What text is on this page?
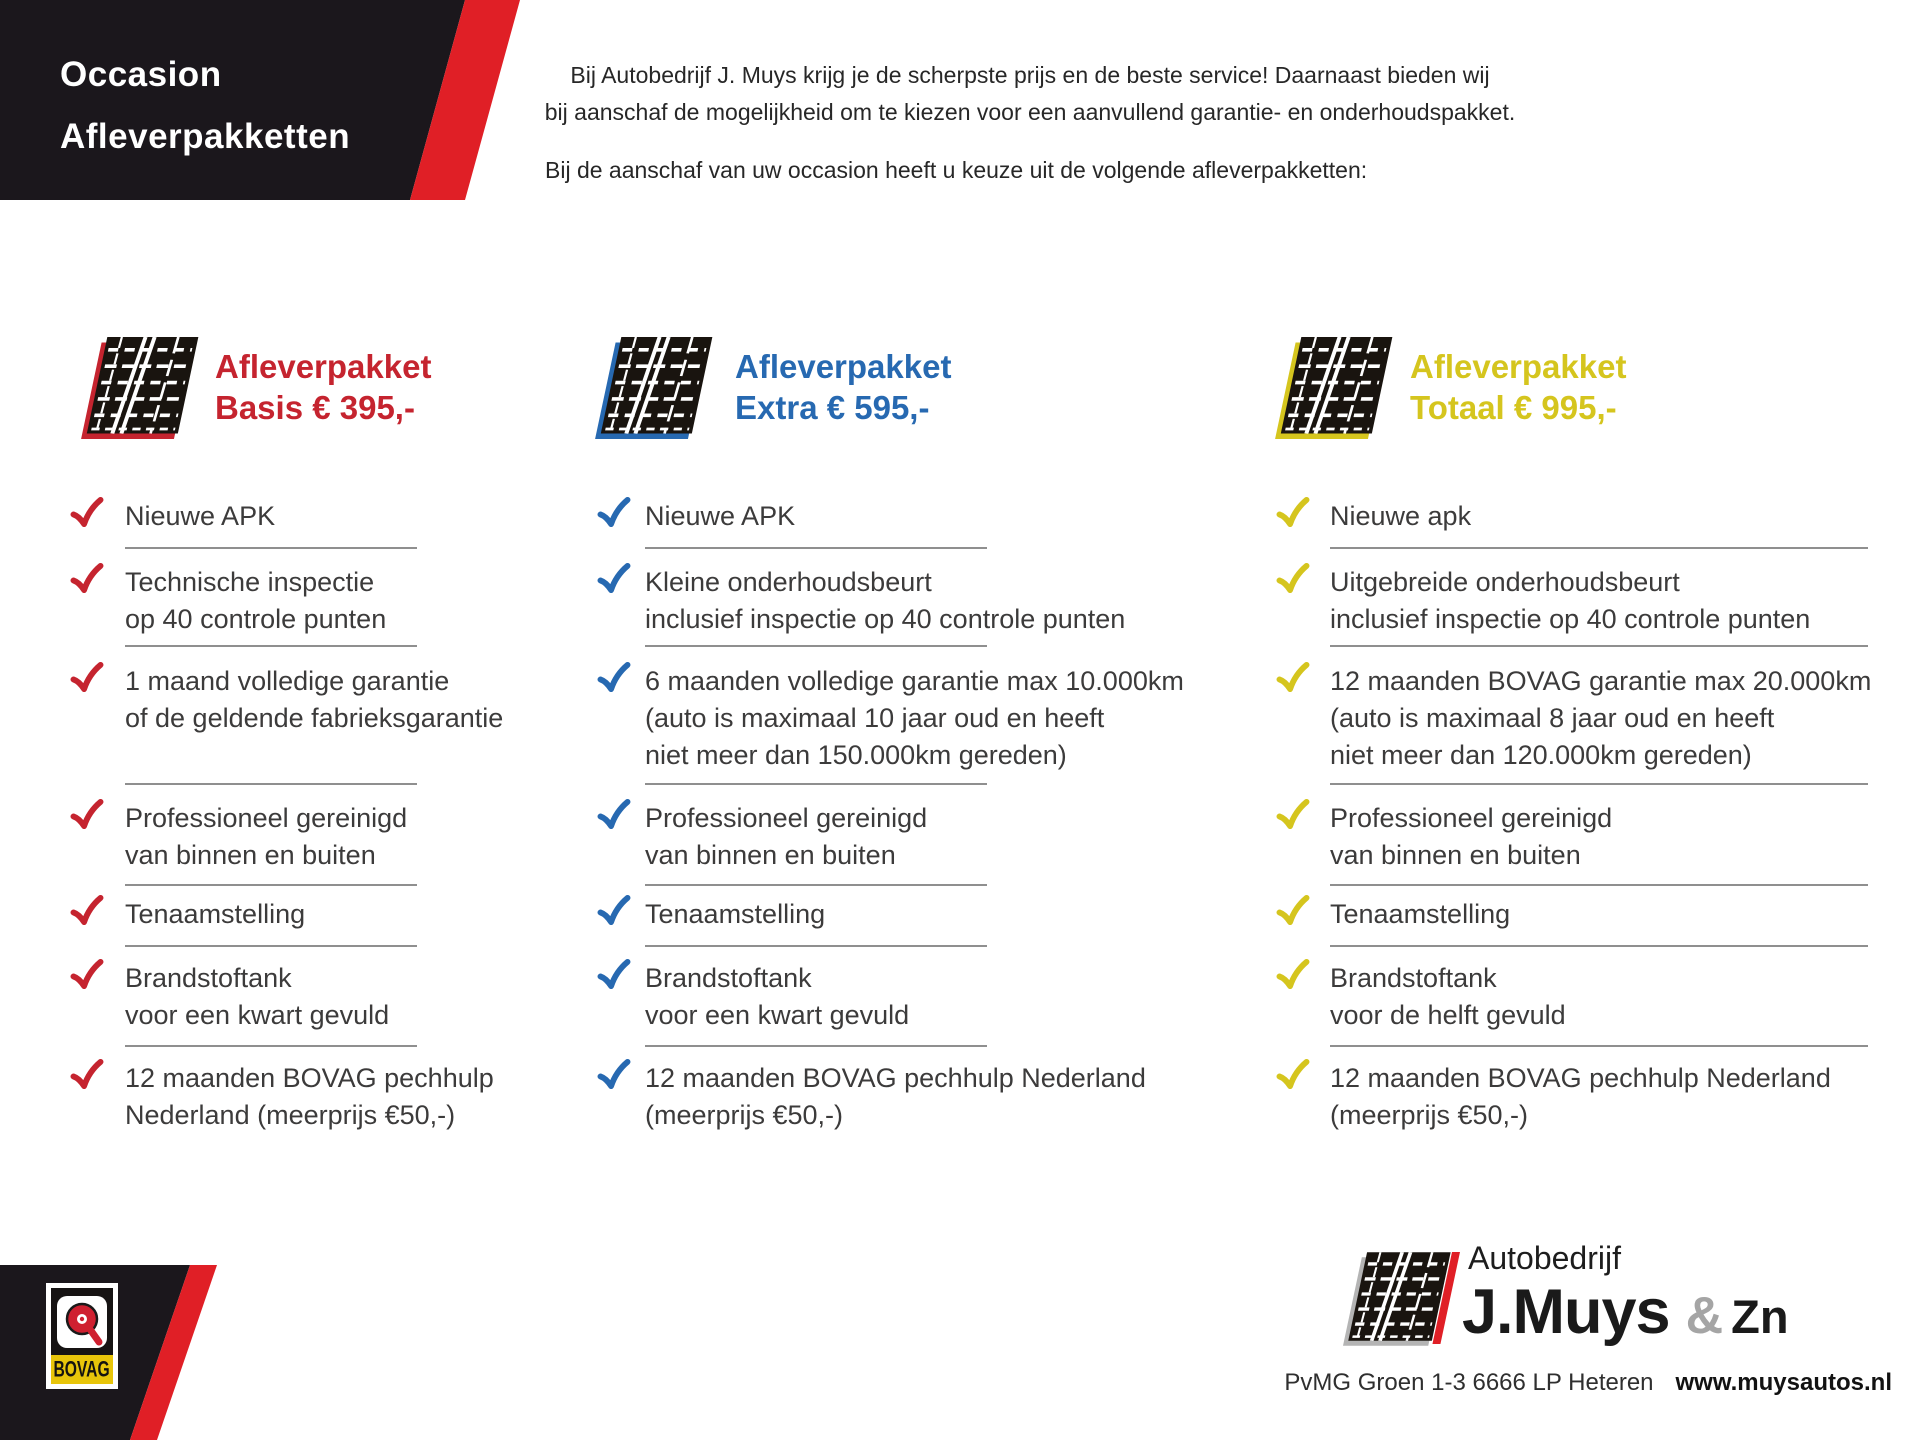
Occasion
Afleverpakketten
Bij Autobedrijf J. Muys krijg je de scherpste prijs en de beste service! Daarnaast bieden wij
bij aanschaf de mogelijkheid om te kiezen voor een aanvullend garantie- en onderhoudspakket.
Bij de aanschaf van uw occasion heeft u keuze uit de volgende afleverpakketten:
Afleverpakket
Basis € 395,-
Nieuwe APK
Technische inspectie
op 40 controle punten
1 maand volledige garantie
of de geldende fabrieksgarantie
Professioneel gereinigd
van binnen en buiten
Tenaamstelling
Brandstoftank
voor een kwart gevuld
12 maanden BOVAG pechhulp
Nederland (meerprijs €50,-)
Afleverpakket
Extra € 595,-
Nieuwe APK
Kleine onderhoudsbeurt
inclusief inspectie op 40 controle punten
6 maanden volledige garantie max 10.000km
(auto is maximaal 10 jaar oud en heeft
niet meer dan 150.000km gereden)
Professioneel gereinigd
van binnen en buiten
Tenaamstelling
Brandstoftank
voor een kwart gevuld
12 maanden BOVAG pechhulp Nederland
(meerprijs €50,-)
Afleverpakket
Totaal € 995,-
Nieuwe apk
Uitgebreide onderhoudsbeurt
inclusief inspectie op 40 controle punten
12 maanden BOVAG garantie max 20.000km
(auto is maximaal 8 jaar oud en heeft
niet meer dan 120.000km gereden)
Professioneel gereinigd
van binnen en buiten
Tenaamstelling
Brandstoftank
voor de helft gevuld
12 maanden BOVAG pechhulp Nederland
(meerprijs €50,-)
BOVAG
Autobedrijf
J.Muys & Zn
PvMG Groen 1-3 6666 LP Heteren www.muysautos.nl
